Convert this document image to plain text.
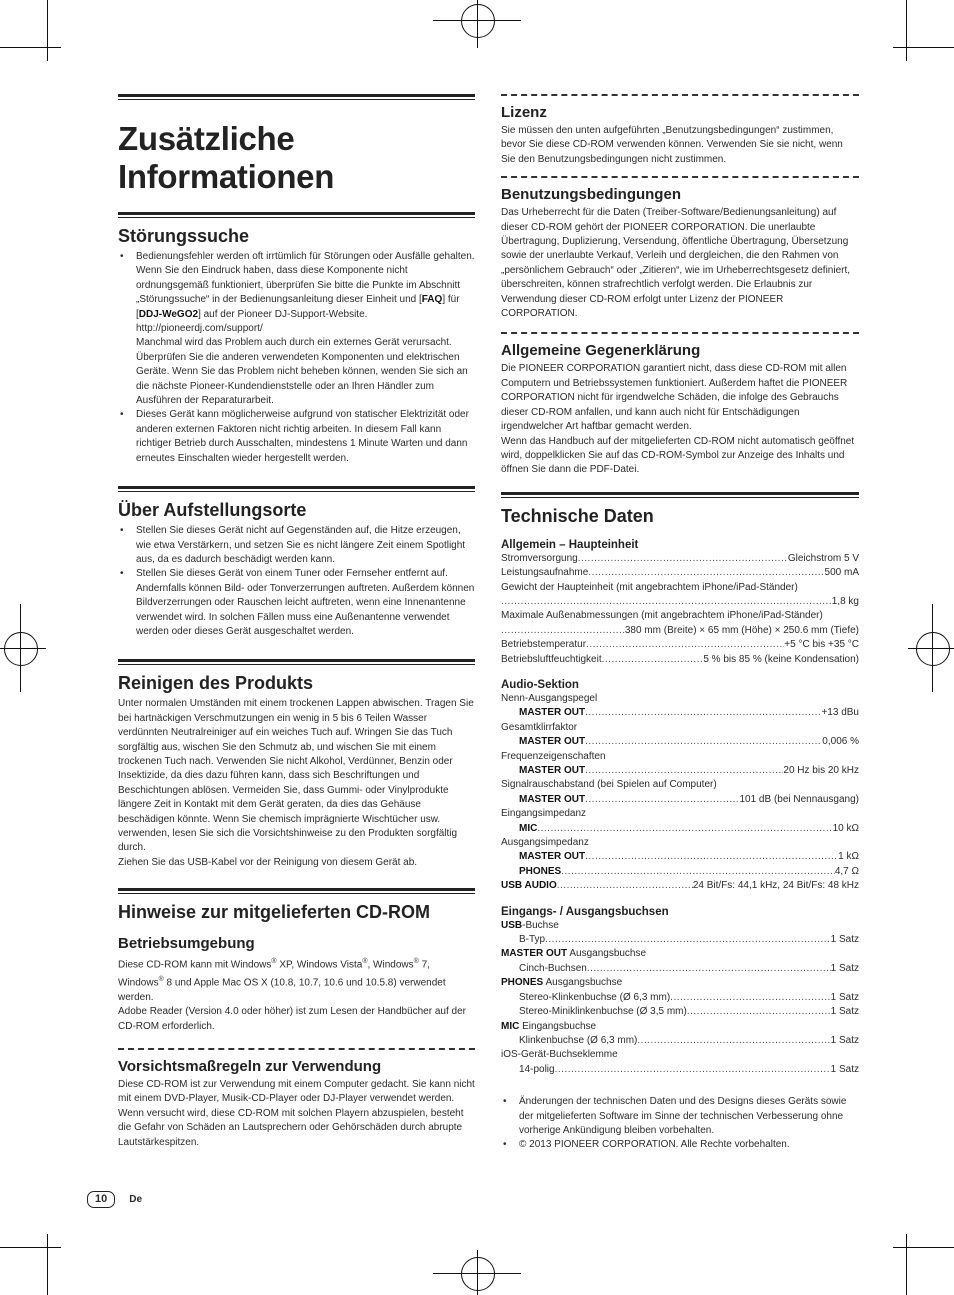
Zusätzliche Informationen
Störungssuche
• Bedienungsfehler werden oft irrtümlich für Störungen oder Ausfälle gehalten. Wenn Sie den Eindruck haben, dass diese Komponente nicht ordnungsgemäß funktioniert, überprüfen Sie bitte die Punkte im Abschnitt „Störungssuche“ in der Bedienungsanleitung dieser Einheit und [FAQ] für [DDJ-WeGO2] auf der Pioneer DJ-Support-Website.
http://pioneerdj.com/support/
Manchmal wird das Problem auch durch ein externes Gerät verursacht. Überprüfen Sie die anderen verwendeten Komponenten und elektrischen Geräte. Wenn Sie das Problem nicht beheben können, wenden Sie sich an die nächste Pioneer-Kundendienststelle oder an Ihren Händler zum Ausführen der Reparaturarbeit.
• Dieses Gerät kann möglicherweise aufgrund von statischer Elektrizität oder anderen externen Faktoren nicht richtig arbeiten. In diesem Fall kann richtiger Betrieb durch Ausschalten, mindestens 1 Minute Warten und dann erneutes Einschalten wieder hergestellt werden.
Über Aufstellungsorte
• Stellen Sie dieses Gerät nicht auf Gegenständen auf, die Hitze erzeugen, wie etwa Verstärkern, und setzen Sie es nicht längere Zeit einem Spotlight aus, da es dadurch beschädigt werden kann.
• Stellen Sie dieses Gerät von einem Tuner oder Fernseher entfernt auf. Andernfalls können Bild- oder Tonverzerrungen auftreten. Außerdem können Bildverzerrungen oder Rauschen leicht auftreten, wenn eine Innenantenne verwendet wird. In solchen Fällen muss eine Außenantenne verwendet werden oder dieses Gerät ausgeschaltet werden.
Reinigen des Produkts

Unter normalen Umständen mit einem trockenen Lappen abwischen. Tragen Sie bei hartnäckigen Verschmutzungen ein wenig in 5 bis 6 Teilen Wasser verdünnten Neutralreiniger auf ein weiches Tuch auf. Wringen Sie das Tuch sorgfältig aus, wischen Sie den Schmutz ab, und wischen Sie mit einem trockenen Tuch nach. Verwenden Sie nicht Alkohol, Verdünner, Benzin oder Insektizide, da dies dazu führen kann, dass sich Beschriftungen und Beschichtungen ablösen. Vermeiden Sie, dass Gummi- oder Vinylprodukte längere Zeit in Kontakt mit dem Gerät geraten, da dies das Gehäuse beschädigen könnte. Wenn Sie chemisch imprägnierte Wischtücher usw. verwenden, lesen Sie sich die Vorsichtshinweise zu den Produkten sorgfältig durch.

Ziehen Sie das USB-Kabel vor der Reinigung von diesem Gerät ab.

Hinweise zur mitgelieferten CD-ROM
Betriebsumgebung

Diese CD-ROM kann mit Windows® XP, Windows Vista®, Windows® 7, Windows® 8 und Apple Mac OS X (10.8, 10.7, 10.6 und 10.5.8) verwendet werden.

Adobe Reader (Version 4.0 oder höher) ist zum Lesen der Handbücher auf der CD-ROM erforderlich.

Vorsichtsmaßregeln zur Verwendung

Diese CD-ROM ist zur Verwendung mit einem Computer gedacht. Sie kann nicht mit einem DVD-Player, Musik-CD-Player oder DJ-Player verwendet werden. Wenn versucht wird, diese CD-ROM mit solchen Playern abzuspielen, besteht die Gefahr von Schäden an Lautsprechern oder Gehörschäden durch abrupte Lautstärkespitzen.

Lizenz

Sie müssen den unten aufgeführten „Benutzungsbedingungen“ zustimmen, bevor Sie diese CD-ROM verwenden können. Verwenden Sie sie nicht, wenn Sie den Benutzungsbedingungen nicht zustimmen.

Benutzungsbedingungen

Das Urheberrecht für die Daten (Treiber-Software/Bedienungsanleitung) auf dieser CD-ROM gehört der PIONEER CORPORATION. Die unerlaubte Übertragung, Duplizierung, Versendung, öffentliche Übertragung, Übersetzung sowie der unerlaubte Verkauf, Verleih und dergleichen, die den Rahmen von „persönlichem Gebrauch“ oder „Zitieren“, wie im Urheberrechtsgesetz definiert, überschreiten, können strafrechtlich verfolgt werden. Die Erlaubnis zur Verwendung dieser CD-ROM erfolgt unter Lizenz der PIONEER CORPORATION.

Allgemeine Gegenerklärung

Die PIONEER CORPORATION garantiert nicht, dass diese CD-ROM mit allen Computern und Betriebssystemen funktioniert. Außerdem haftet die PIONEER CORPORATION nicht für irgendwelche Schäden, die infolge des Gebrauchs dieser CD-ROM anfallen, und kann auch nicht für Entschädigungen irgendwelcher Art haftbar gemacht werden.

Wenn das Handbuch auf der mitgelieferten CD-ROM nicht automatisch geöffnet wird, doppelklicken Sie auf das CD-ROM-Symbol zur Anzeige des Inhalts und öffnen Sie dann die PDF-Datei.

Technische Daten
Allgemein – Haupteinheit
Stromversorgung .....	Gleichstrom 5 V
Leistungsaufnahme .....	500 mA
Gewicht der Haupteinheit (mit angebrachtem iPhone/iPad-Ständer)
.....
1,8 kg
Maximale Außenabmessungen (mit angebrachtem iPhone/iPad-Ständer)
.....
380 mm (Breite) × 65 mm (Höhe) × 250.6 mm (Tiefe)
Betriebstemperatur .....	+5 °C bis +35 °C
Betriebsluftfeuchtigkeit .....	5 % bis 85 % (keine Kondensation)
Audio-Sektion
Nenn-Ausgangspegel
MASTER OUT .....	+13 dBu
Gesamtklirrfaktor
MASTER OUT .....	0,006 %
Frequenzeigenschaften
MASTER OUT .....	20 Hz bis 20 kHz
Signalrauschabstand (bei Spielen auf Computer)
MASTER OUT .....	101 dB (bei Nennausgang)
Eingangsimpedanz
MIC .....	10 kΩ
Ausgangsimpedanz
MASTER OUT .....	1 kΩ
PHONES .....	4,7 Ω
USB AUDIO .....	24 Bit/Fs: 44,1 kHz, 24 Bit/Fs: 48 kHz
Eingangs- / Ausgangsbuchsen
USB-Buchse
B-Typ .....	1 Satz
MASTER OUT Ausgangsbuchse
Cinch-Buchsen .....	1 Satz
PHONES Ausgangsbuchse
Stereo-Klinkenbuchse (Ø 6,3 mm) .....	1 Satz
Stereo-Miniklinkenbuchse (Ø 3,5 mm) .....	1 Satz
MIC Eingangsbuchse
Klinkenbuchse (Ø 6,3 mm) .....	1 Satz
iOS-Gerät-Buchseklemme
14-polig .....	1 Satz
• Änderungen der technischen Daten und des Designs dieses Geräts sowie der mitgelieferten Software im Sinne der technischen Verbesserung ohne vorherige Ankündigung bleiben vorbehalten.
• © 2013 PIONEER CORPORATION. Alle Rechte vorbehalten.
10	De
